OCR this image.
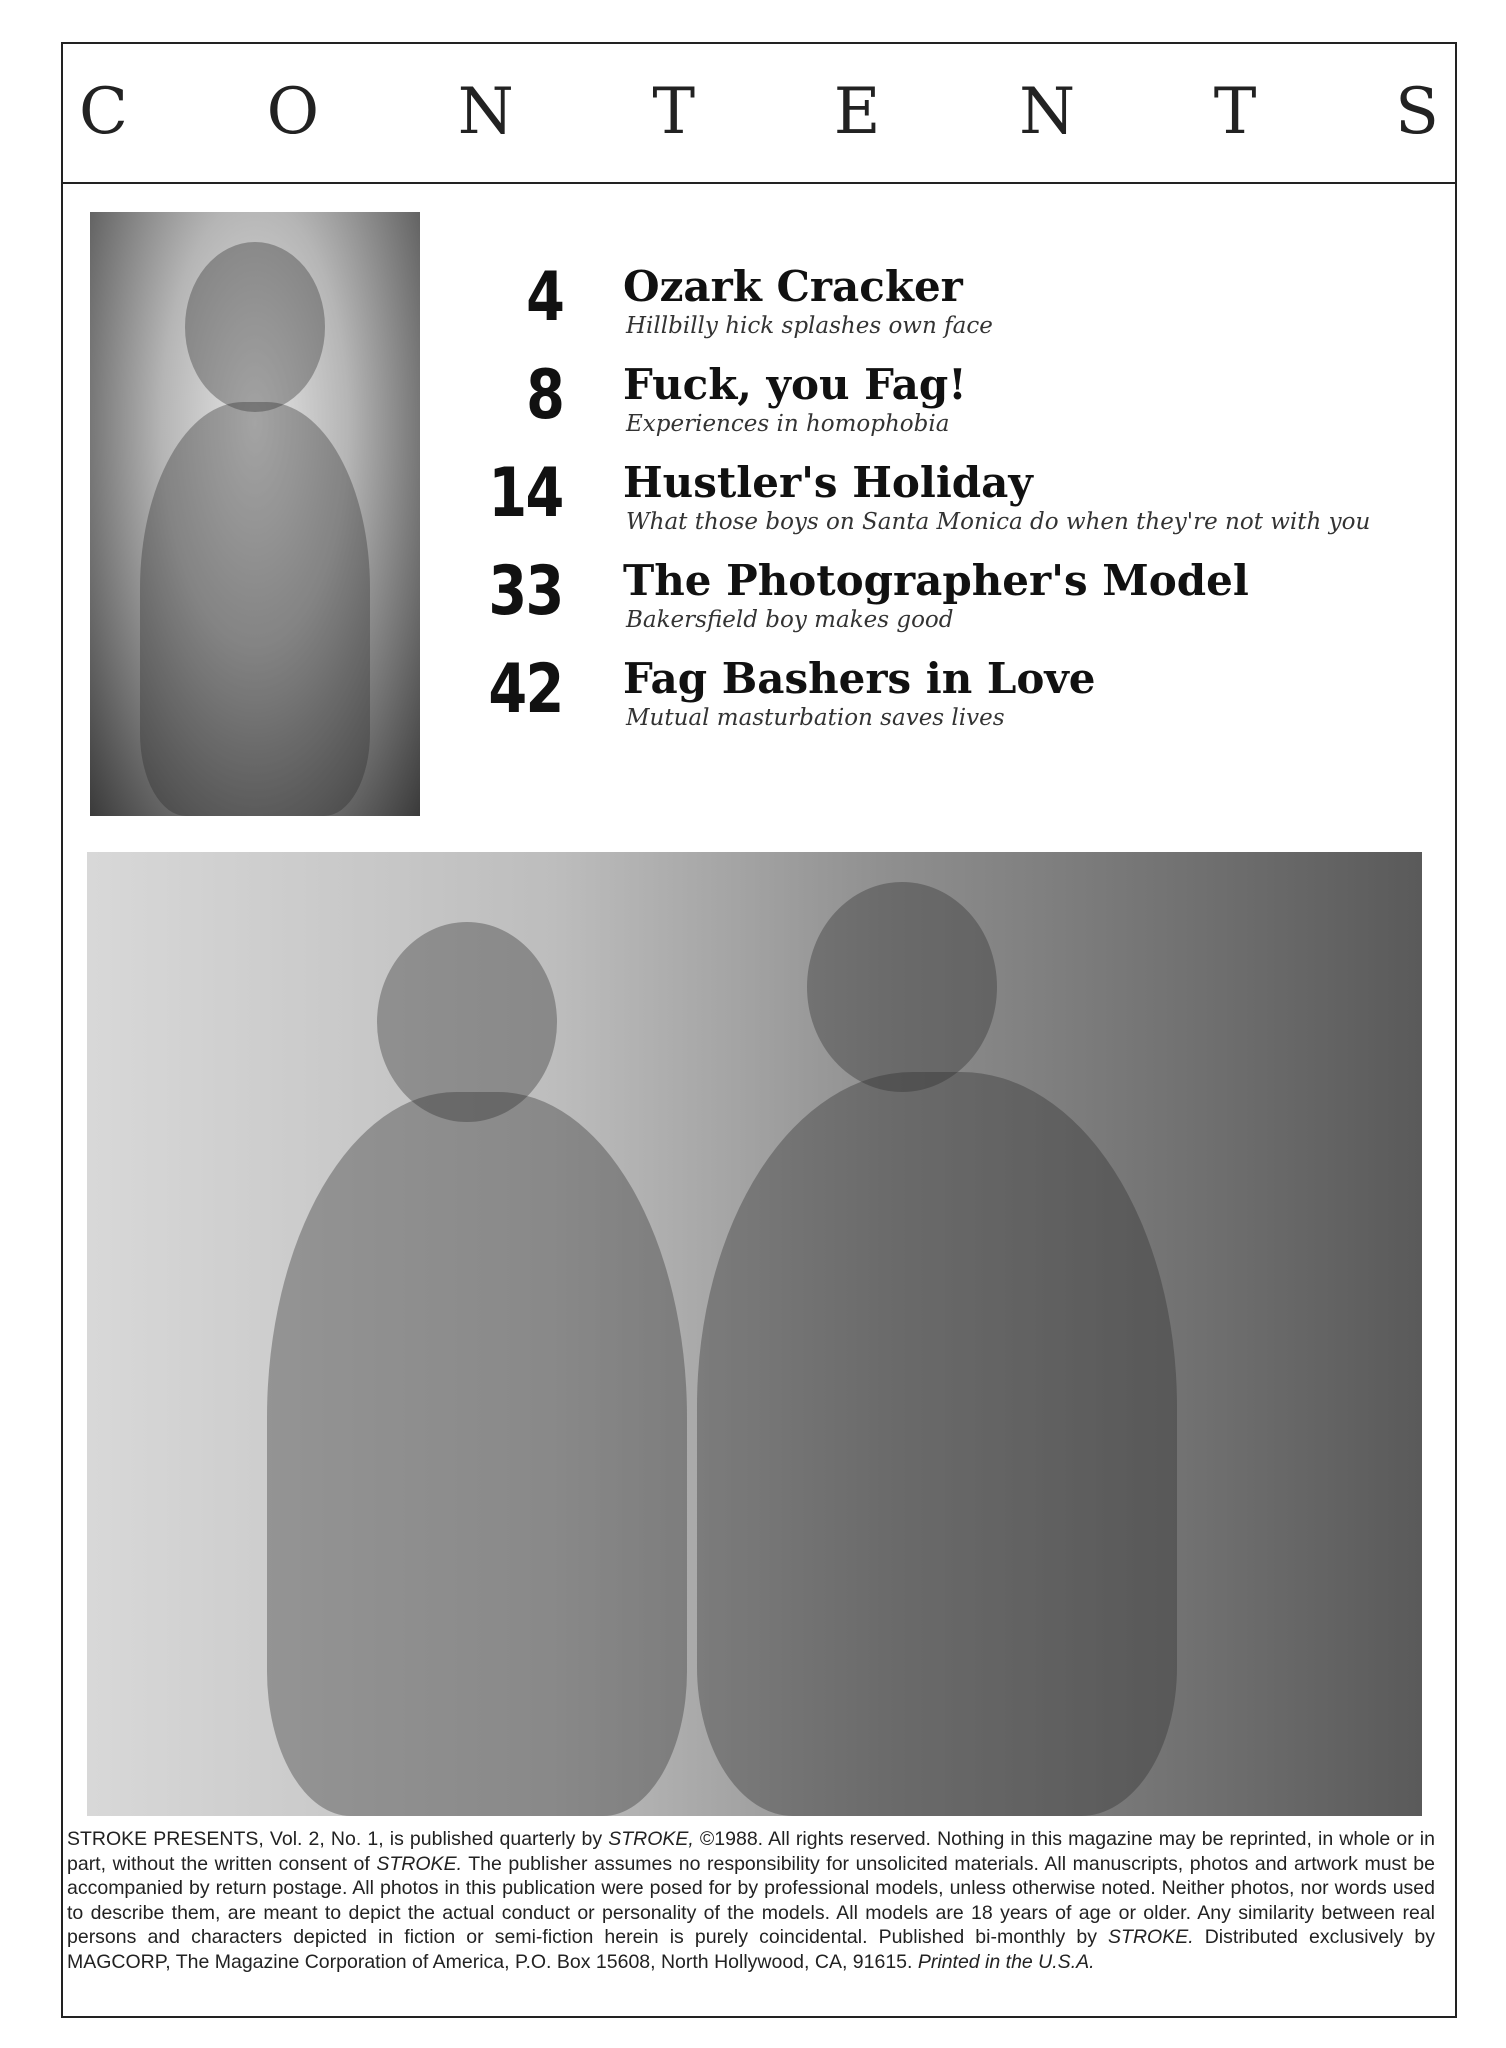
C O N T E N T S
4 Ozark Cracker
Hillbilly hick splashes own face
8 Fuck, you Fag!
Experiences in homophobia
14 Hustler's Holiday
What those boys on Santa Monica do when they're not with you
33 The Photographer's Model
Bakersfield boy makes good
42 Fag Bashers in Love
Mutual masturbation saves lives
STROKE PRESENTS, Vol. 2, No. 1, is published quarterly by STROKE, ©1988. All rights reserved. Nothing in this magazine may be reprinted, in whole or in part, without the written consent of STROKE. The publisher assumes no responsibility for unsolicited materials. All manuscripts, photos and artwork must be accompanied by return postage. All photos in this publication were posed for by professional models, unless otherwise noted. Neither photos, nor words used to describe them, are meant to depict the actual conduct or personality of the models. All models are 18 years of age or older. Any similarity between real persons and characters depicted in fiction or semi-fiction herein is purely coincidental. Published bi-monthly by STROKE. Distributed exclusively by MAGCORP, The Magazine Corporation of America, P.O. Box 15608, North Hollywood, CA, 91615. Printed in the U.S.A.
